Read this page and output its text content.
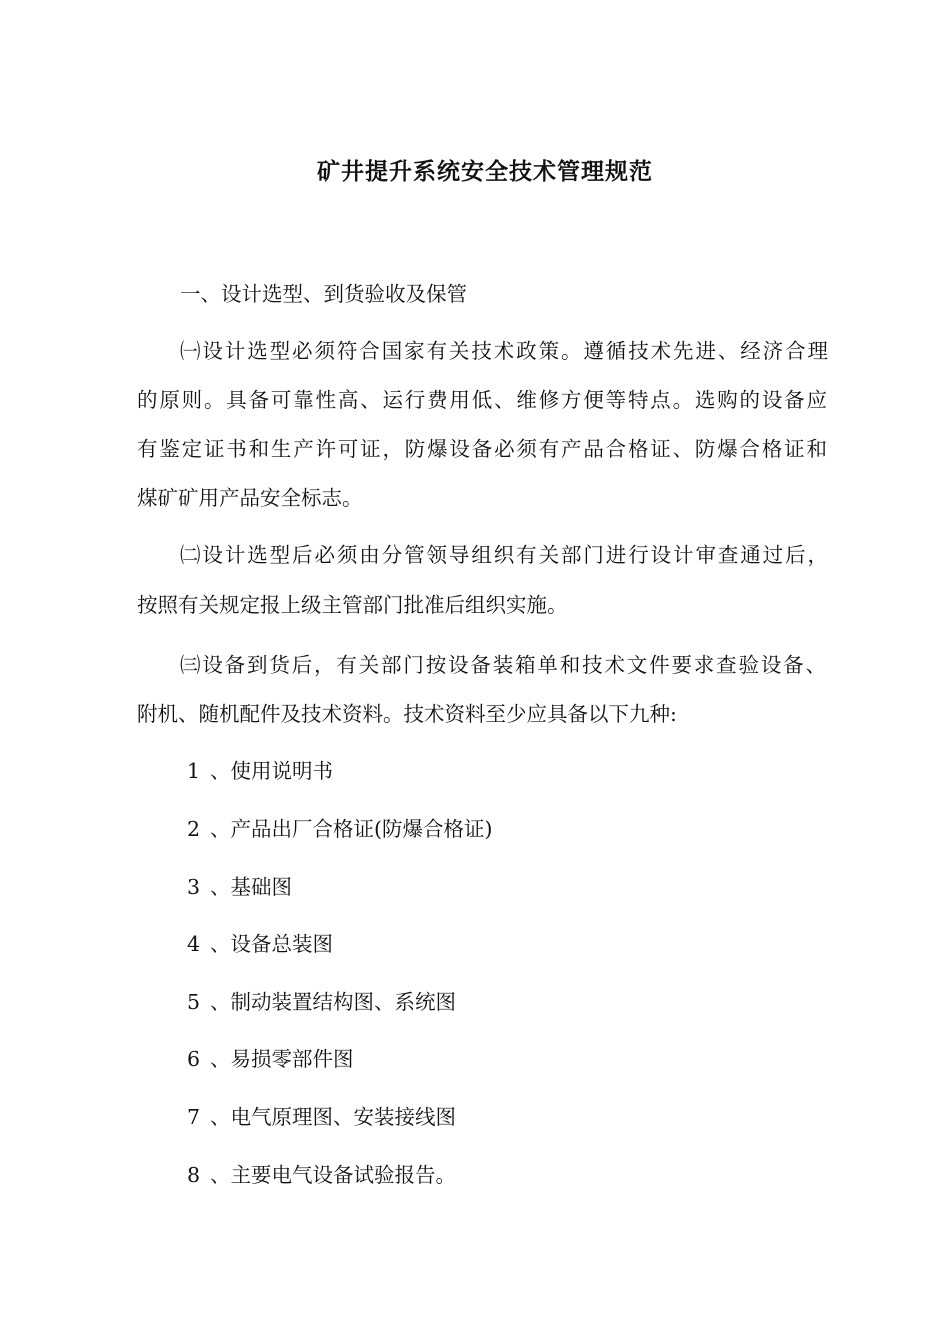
矿井提升系统安全技术管理规范
一、设计选型、到货验收及保管
㈠设计选型必须符合国家有关技术政策。遵循技术先进、经济合理
的原则。具备可靠性高、运行费用低、维修方便等特点。选购的设备应
有鉴定证书和生产许可证，防爆设备必须有产品合格证、防爆合格证和
煤矿矿用产品安全标志。
㈡设计选型后必须由分管领导组织有关部门进行设计审查通过后，
按照有关规定报上级主管部门批准后组织实施。
㈢设备到货后，有关部门按设备装箱单和技术文件要求查验设备、
附机、随机配件及技术资料。技术资料至少应具备以下九种:
1 、使用说明书
2 、产品出厂合格证(防爆合格证)
3 、基础图
4 、设备总装图
5 、制动装置结构图、系统图
6 、易损零部件图
7 、电气原理图、安装接线图
8 、主要电气设备试验报告。
